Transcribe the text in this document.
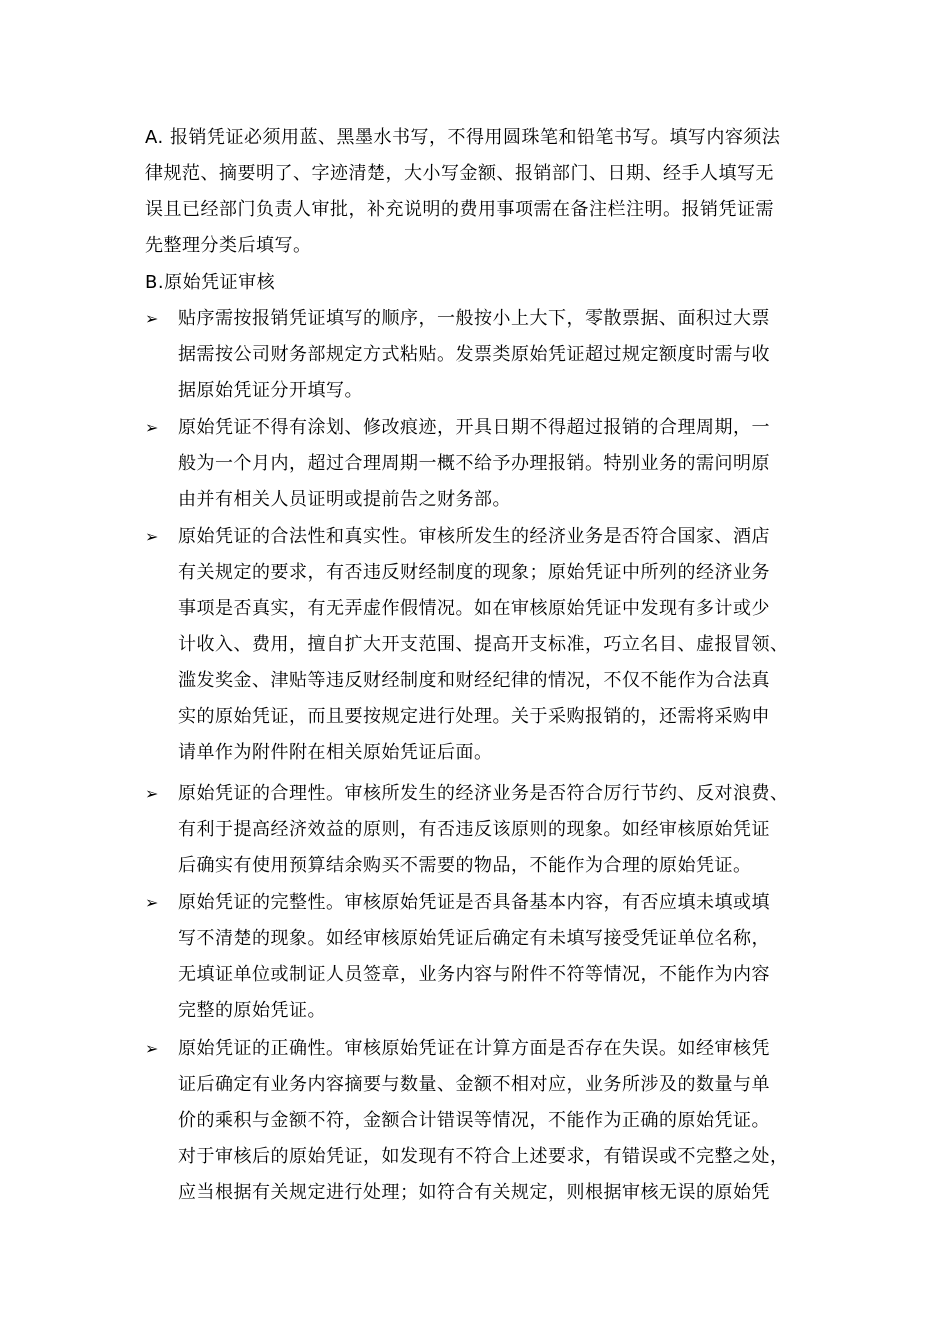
A. 报销凭证必须用蓝、黑墨水书写，不得用圆珠笔和铅笔书写。填写内容须法
律规范、摘要明了、字迹清楚，大小写金额、报销部门、日期、经手人填写无
误且已经部门负责人审批，补充说明的费用事项需在备注栏注明。报销凭证需
先整理分类后填写。
B.原始凭证审核
➢	贴序需按报销凭证填写的顺序，一般按小上大下，零散票据、面积过大票
据需按公司财务部规定方式粘贴。发票类原始凭证超过规定额度时需与收
据原始凭证分开填写。
➢	原始凭证不得有涂划、修改痕迹，开具日期不得超过报销的合理周期，一
般为一个月内，超过合理周期一概不给予办理报销。特别业务的需问明原
由并有相关人员证明或提前告之财务部。
➢	原始凭证的合法性和真实性。审核所发生的经济业务是否符合国家、酒店
有关规定的要求，有否违反财经制度的现象；原始凭证中所列的经济业务
事项是否真实，有无弄虚作假情况。如在审核原始凭证中发现有多计或少
计收入、费用，擅自扩大开支范围、提高开支标准，巧立名目、虚报冒领、
滥发奖金、津贴等违反财经制度和财经纪律的情况，不仅不能作为合法真
实的原始凭证，而且要按规定进行处理。关于采购报销的，还需将采购申
请单作为附件附在相关原始凭证后面。
➢	原始凭证的合理性。审核所发生的经济业务是否符合厉行节约、反对浪费、
有利于提高经济效益的原则，有否违反该原则的现象。如经审核原始凭证
后确实有使用预算结余购买不需要的物品，不能作为合理的原始凭证。
➢	原始凭证的完整性。审核原始凭证是否具备基本内容，有否应填未填或填
写不清楚的现象。如经审核原始凭证后确定有未填写接受凭证单位名称，
无填证单位或制证人员签章，业务内容与附件不符等情况，不能作为内容
完整的原始凭证。
➢	原始凭证的正确性。审核原始凭证在计算方面是否存在失误。如经审核凭
证后确定有业务内容摘要与数量、金额不相对应，业务所涉及的数量与单
价的乘积与金额不符，金额合计错误等情况，不能作为正确的原始凭证。
对于审核后的原始凭证，如发现有不符合上述要求，有错误或不完整之处，
应当根据有关规定进行处理；如符合有关规定，则根据审核无误的原始凭
